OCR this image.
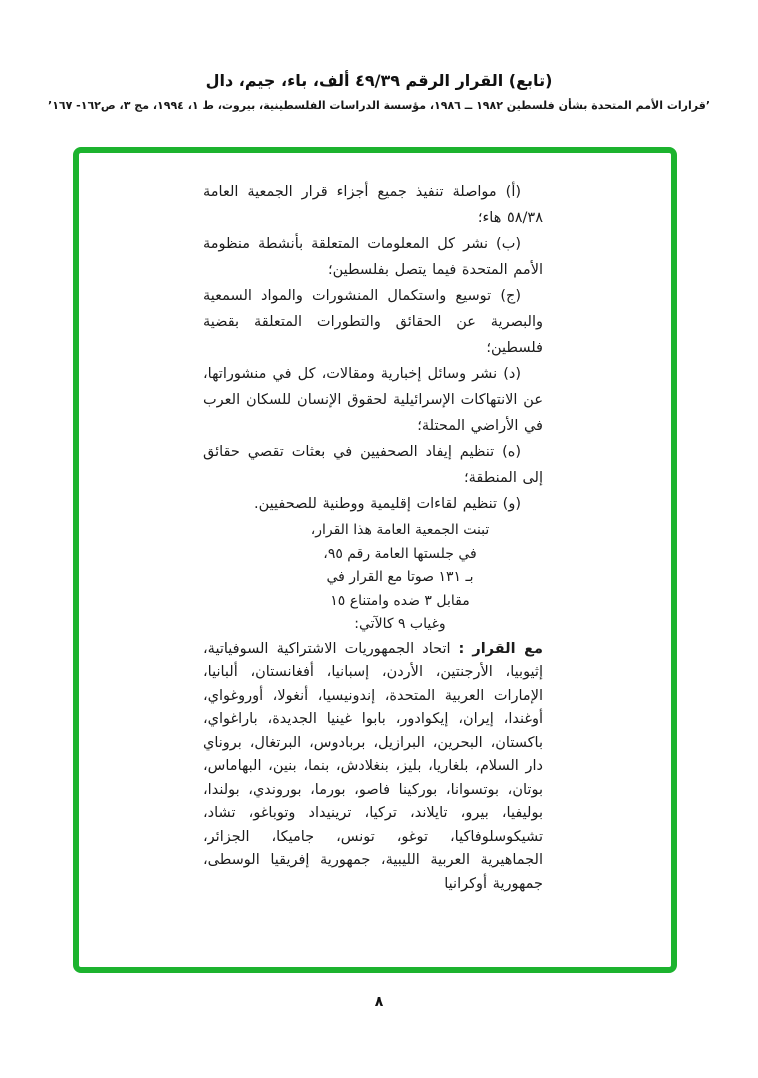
(تابع) القرار الرقم ٤٩/٣٩ ألف، باء، جيم، دال

’قرارات الأمم المتحدة بشأن فلسطين ١٩٨٢ ــ ١٩٨٦، مؤسسة الدراسات الفلسطينية، بيروت، ط ١، ١٩٩٤، مج ٣، ص١٦٢- ١٦٧’

(أ) مواصلة تنفيذ جميع أجزاء قرار الجمعية العامة ٥٨/٣٨ هاء؛

(ب) نشر كل المعلومات المتعلقة بأنشطة منظومة الأمم المتحدة فيما يتصل بفلسطين؛

(ج) توسيع واستكمال المنشورات والمواد السمعية والبصرية عن الحقائق والتطورات المتعلقة بقضية فلسطين؛

(د) نشر وسائل إخبارية ومقالات، كل في منشوراتها، عن الانتهاكات الإسرائيلية لحقوق الإنسان للسكان العرب في الأراضي المحتلة؛

(ه) تنظيم إيفاد الصحفيين في بعثات تقصي حقائق إلى المنطقة؛

(و) تنظيم لقاءات إقليمية ووطنية للصحفيين.

تبنت الجمعية العامة هذا القرار،
في جلستها العامة رقم ٩٥،
بـ ١٣١ صوتا مع القرار في
مقابل ٣ ضده وامتناع ١٥
وغياب ٩ كالآتي:

مع القرار:اتحاد الجمهوريات الاشتراكية السوفياتية، إثيوبيا، الأرجنتين، الأردن، إسبانيا، أفغانستان، ألبانيا، الإمارات العربية المتحدة، إندونيسيا، أنغولا، أوروغواي، أوغندا، إيران، إيكوادور، بابوا غينيا الجديدة، باراغواي، باكستان، البحرين، البرازيل، بربادوس، البرتغال، بروناي دار السلام، بلغاريا، بليز، بنغلادش، بنما، بنين، البهاماس، بوتان، بوتسوانا، بوركينا فاصو، بورما، بوروندي، بولندا، بوليفيا، بيرو، تايلاند، تركيا، ترينيداد وتوباغو، تشاد، تشيكوسلوفاكيا، توغو، تونس، جاميكا، الجزائر، الجماهيرية العربية الليبية، جمهورية إفريقيا الوسطى، جمهورية أوكرانيا

٨
